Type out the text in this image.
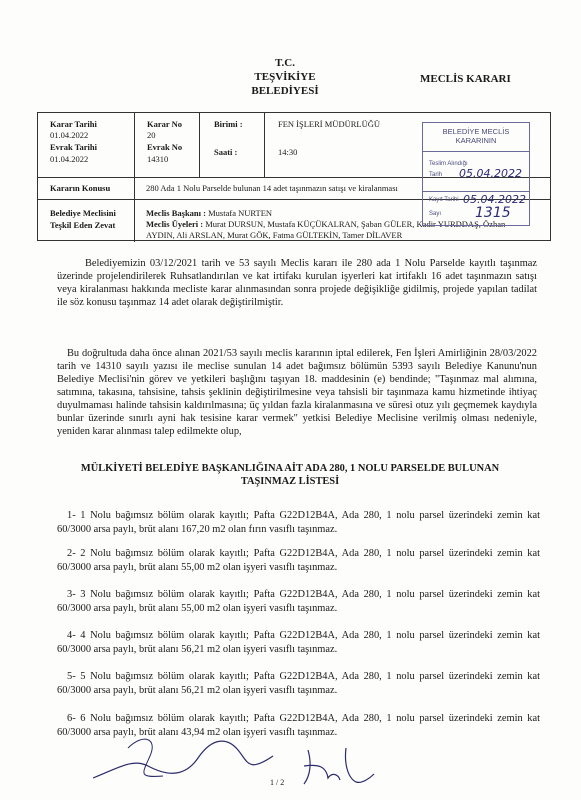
T.C.
TEŞVİKİYE
BELEDİYESİ
MECLİS KARARI
Karar Tarihi
01.04.2022
Evrak Tarihi
01.04.2022
Karar No
20
Evrak No
14310
Birimi :
Saati :
FEN İŞLERİ MÜDÜRLÜĞÜ
14:30
Kararın Konusu	280 Ada 1 Nolu Parselde bulunan 14 adet taşınmazın satışı ve kiralanması
Belediye Meclisini
Teşkil Eden Zevat
Meclis Başkanı : Mustafa NURTEN
Meclis Üyeleri : Murat DURSUN, Mustafa KÜÇÜKALRAN, Şaban GÜLER, Kadir YURDDAŞ, Özhan
AYDIN, Ali ARSLAN, Murat GÖK, Fatma GÜLTEKİN, Tamer DİLAVER
BELEDİYE MECLİS
KARARININ
Teslim Alındığı
Tarih 05.04.2022
Kayıt Tarihi 05.04.2022
Sayı 1315
Belediyemizin 03/12/2021 tarih ve 53 sayılı Meclis kararı ile 280 ada 1 Nolu Parselde kayıtlı taşınmaz üzerinde projelendirilerek Ruhsatlandırılan ve kat irtifakı kurulan işyerleri kat irtifaklı 16 adet taşınmazın satışı veya kiralanması hakkında mecliste karar alınmasından sonra projede değişikliğe gidilmiş, projede yapılan tadilat ile söz konusu taşınmaz 14 adet olarak değiştirilmiştir.
Bu doğrultuda daha önce alınan 2021/53 sayılı meclis kararının iptal edilerek, Fen İşleri Amirliğinin 28/03/2022 tarih ve 14310 sayılı yazısı ile meclise sunulan 14 adet bağımsız bölümün 5393 sayılı Belediye Kanunu'nun Belediye Meclisi'nin görev ve yetkileri başlığını taşıyan 18. maddesinin (e) bendinde; "Taşınmaz mal alımına, satımına, takasına, tahsisine, tahsis şeklinin değiştirilmesine veya tahsisli bir taşınmaza kamu hizmetinde ihtiyaç duyulmaması halinde tahsisin kaldırılmasına; üç yıldan fazla kiralanmasına ve süresi otuz yılı geçmemek kaydıyla bunlar üzerinde sınırlı ayni hak tesisine karar vermek" yetkisi Belediye Meclisine verilmiş olması nedeniyle, yeniden karar alınması talep edilmekte olup,
MÜLKİYETİ BELEDİYE BAŞKANLIĞINA AİT ADA 280, 1 NOLU PARSELDE BULUNAN
TAŞINMAZ LİSTESİ
1- 1 Nolu bağımsız bölüm olarak kayıtlı; Pafta G22D12B4A, Ada 280, 1 nolu parsel üzerindeki zemin kat 60/3000 arsa paylı, brüt alanı 167,20 m2 olan fırın vasıflı taşınmaz.
2- 2 Nolu bağımsız bölüm olarak kayıtlı; Pafta G22D12B4A, Ada 280, 1 nolu parsel üzerindeki zemin kat 60/3000 arsa paylı, brüt alanı 55,00 m2 olan işyeri vasıflı taşınmaz.
3- 3 Nolu bağımsız bölüm olarak kayıtlı; Pafta G22D12B4A, Ada 280, 1 nolu parsel üzerindeki zemin kat 60/3000 arsa paylı, brüt alanı 55,00 m2 olan işyeri vasıflı taşınmaz.
4- 4 Nolu bağımsız bölüm olarak kayıtlı; Pafta G22D12B4A, Ada 280, 1 nolu parsel üzerindeki zemin kat 60/3000 arsa paylı, brüt alanı 56,21 m2 olan işyeri vasıflı taşınmaz.
5- 5 Nolu bağımsız bölüm olarak kayıtlı; Pafta G22D12B4A, Ada 280, 1 nolu parsel üzerindeki zemin kat 60/3000 arsa paylı, brüt alanı 56,21 m2 olan işyeri vasıflı taşınmaz.
6- 6 Nolu bağımsız bölüm olarak kayıtlı; Pafta G22D12B4A, Ada 280, 1 nolu parsel üzerindeki zemin kat 60/3000 arsa paylı, brüt alanı 43,94 m2 olan işyeri vasıflı taşınmaz.
1 / 2
